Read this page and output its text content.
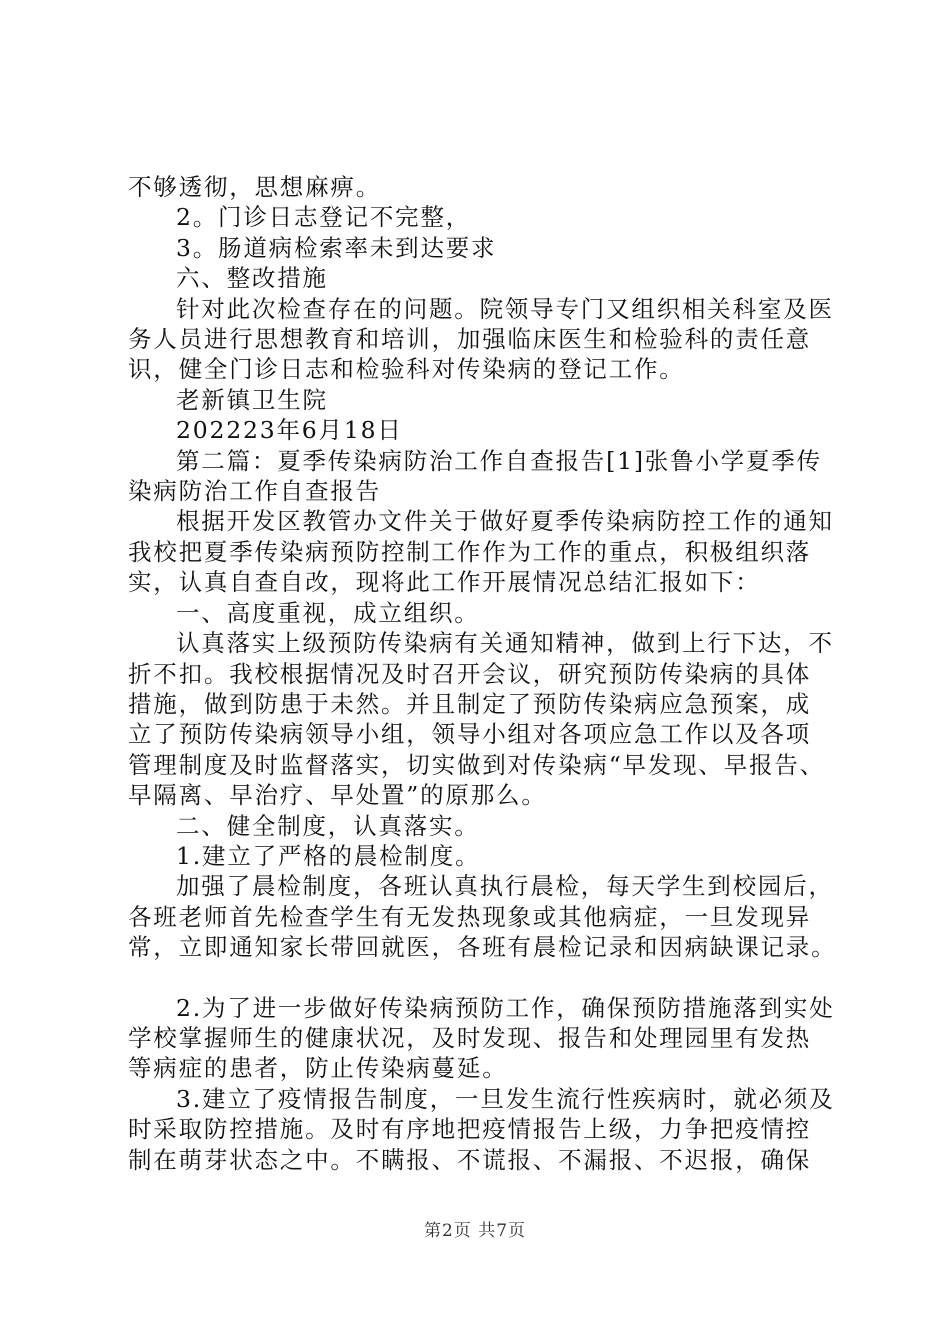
不够透彻，思想麻痹。

2。门诊日志登记不完整，

3。肠道病检索率未到达要求

六、整改措施

针对此次检查存在的问题。院领导专门又组织相关科室及医

务人员进行思想教育和培训，加强临床医生和检验科的责任意

识，健全门诊日志和检验科对传染病的登记工作。

老新镇卫生院

202223年6月18日

第二篇：夏季传染病防治工作自查报告[1]张鲁小学夏季传

染病防治工作自查报告

根据开发区教管办文件关于做好夏季传染病防控工作的通知

我校把夏季传染病预防控制工作作为工作的重点，积极组织落

实，认真自查自改，现将此工作开展情况总结汇报如下：

一、高度重视，成立组织。

认真落实上级预防传染病有关通知精神，做到上行下达，不

折不扣。我校根据情况及时召开会议，研究预防传染病的具体

措施，做到防患于未然。并且制定了预防传染病应急预案，成

立了预防传染病领导小组，领导小组对各项应急工作以及各项

管理制度及时监督落实，切实做到对传染病“早发现、早报告、

早隔离、早治疗、早处置”的原那么。

二、健全制度，认真落实。

1.建立了严格的晨检制度。

加强了晨检制度，各班认真执行晨检，每天学生到校园后，

各班老师首先检查学生有无发热现象或其他病症，一旦发现异

常，立即通知家长带回就医，各班有晨检记录和因病缺课记录。

2.为了进一步做好传染病预防工作，确保预防措施落到实处

学校掌握师生的健康状况，及时发现、报告和处理园里有发热

等病症的患者，防止传染病蔓延。

3.建立了疫情报告制度，一旦发生流行性疾病时，就必须及

时采取防控措施。及时有序地把疫情报告上级，力争把疫情控

制在萌芽状态之中。不瞒报、不谎报、不漏报、不迟报，确保

第2页 共7页
